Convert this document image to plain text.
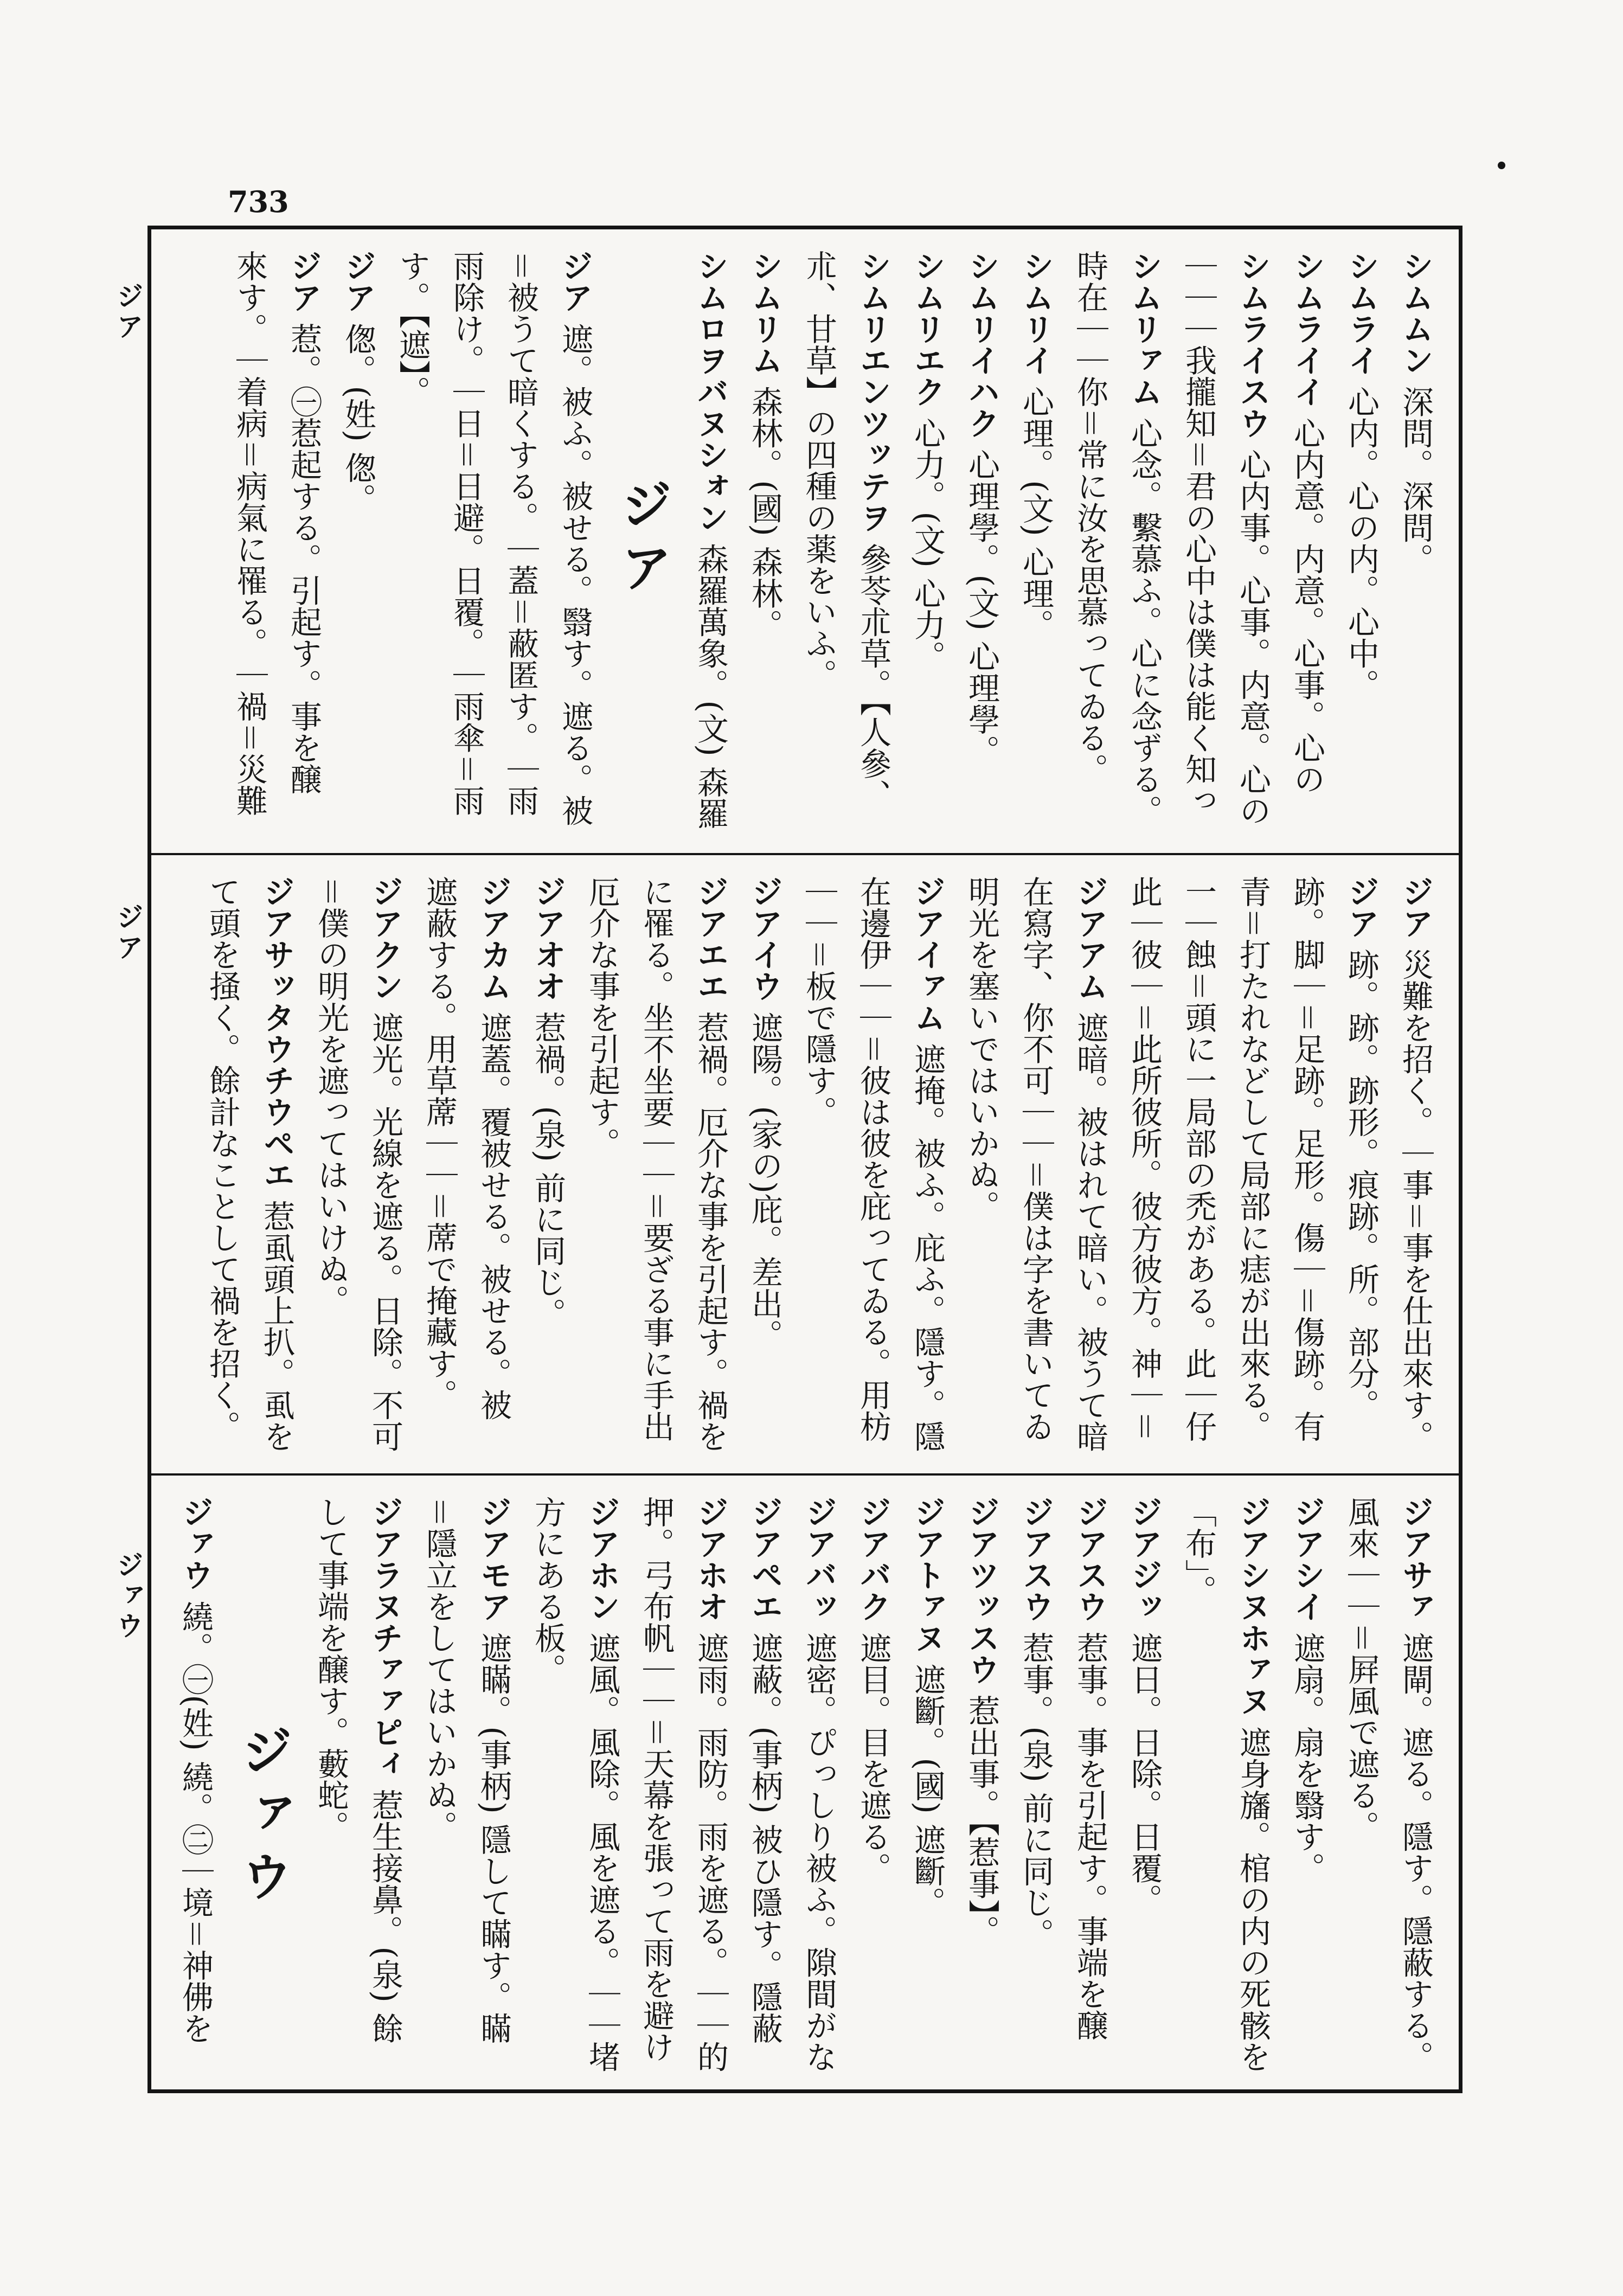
733
ジア
ジア
ジァウ
シムムン 深問。深問。
シムライ 心内。心の内。心中。
シムライイ 心内意。内意。心事。心の
シムライスウ 心内事。心事。内意。心の
｜｜｜我攏知＝君の心中は僕は能く知っ
シムリァム 心念。繫慕ふ。心に念ずる。
時在｜｜你＝常に汝を思慕ってゐる。
シムリイ 心理。(文) 心理。
シムリイハク 心理學。(文) 心理學。
シムリエク 心力。(文) 心力。
シムリエンツッテヲ 參苓朮草。【人參、
朮、甘草】の四種の薬をいふ。
シムリム 森林。(國) 森林。
シムロヲバヌシォン 森羅萬象。(文) 森羅
ジア
ジア 遮。被ふ。被せる。翳す。遮る。被
＝被うて暗くする。｜蓋＝蔽匿す。｜雨
雨除け。｜日＝日避。日覆。｜雨傘＝雨
す。【遮】。
ジア 偬。(姓) 偬。
ジア 惹。㊀惹起する。引起す。事を醸
來す。｜着病＝病氣に罹る。｜禍＝災難
ジア 災難を招く。｜事＝事を仕出來す。
ジア 跡。跡。跡形。痕跡。所。部分。
跡。脚｜＝足跡。足形。傷｜＝傷跡。有
青＝打たれなどして局部に痣が出來る。
一｜蝕＝頭に一局部の禿がある。此｜仔
此｜彼｜＝此所彼所。彼方彼方。神｜＝
ジアアム 遮暗。被はれて暗い。被うて暗
在寫字、你不可｜｜＝僕は字を書いてゐ
明光を塞いではいかぬ。
ジアイァム 遮掩。被ふ。庇ふ。隱す。隱
在邊伊｜｜＝彼は彼を庇ってゐる。用枋
｜｜＝板で隱す。
ジアイウ 遮陽。(家の)庇。差出。
ジアエエ 惹禍。厄介な事を引起す。禍を
に罹る。坐不坐要｜｜＝要ざる事に手出
厄介な事を引起す。
ジアオオ 惹禍。(泉) 前に同じ。
ジアカム 遮蓋。覆被せる。被せる。被
遮蔽する。用草蓆｜｜＝蓆で掩藏す。
ジアクン 遮光。光線を遮る。日除。不可
＝僕の明光を遮ってはいけぬ。
ジアサッタウチウペエ 惹虱頭上扒。虱を
て頭を掻く。餘計なことして禍を招く。
ジアサァ 遮閘。遮る。隱す。隱蔽する。
風來｜｜＝屛風で遮る。
ジアシイ 遮扇。扇を翳す。
ジアシヌホァヌ 遮身旛。棺の内の死骸を
「布」。
ジアジッ 遮日。日除。日覆。
ジアスウ 惹事。事を引起す。事端を醸
ジアスウ 惹事。(泉) 前に同じ。
ジアツッスウ 惹出事。【惹事】。
ジアトァヌ 遮斷。(國) 遮斷。
ジアバク 遮目。目を遮る。
ジアバッ 遮密。ぴっしり被ふ。隙間がな
ジアペエ 遮蔽。(事柄) 被ひ隱す。隱蔽
ジアホオ 遮雨。雨防。雨を遮る。｜｜的
押。弓布帆｜｜＝天幕を張って雨を避け
ジアホン 遮風。風除。風を遮る。｜｜堵
方にある板。
ジアモア 遮瞞。(事柄) 隱して瞞す。瞞
＝隱立をしてはいかぬ。
ジアラヌチァァピィ 惹生接鼻。(泉) 餘
して事端を醸す。藪蛇。
ジァウ
ジァウ 繞。㊀(姓) 繞。㊁｜境＝神佛を
